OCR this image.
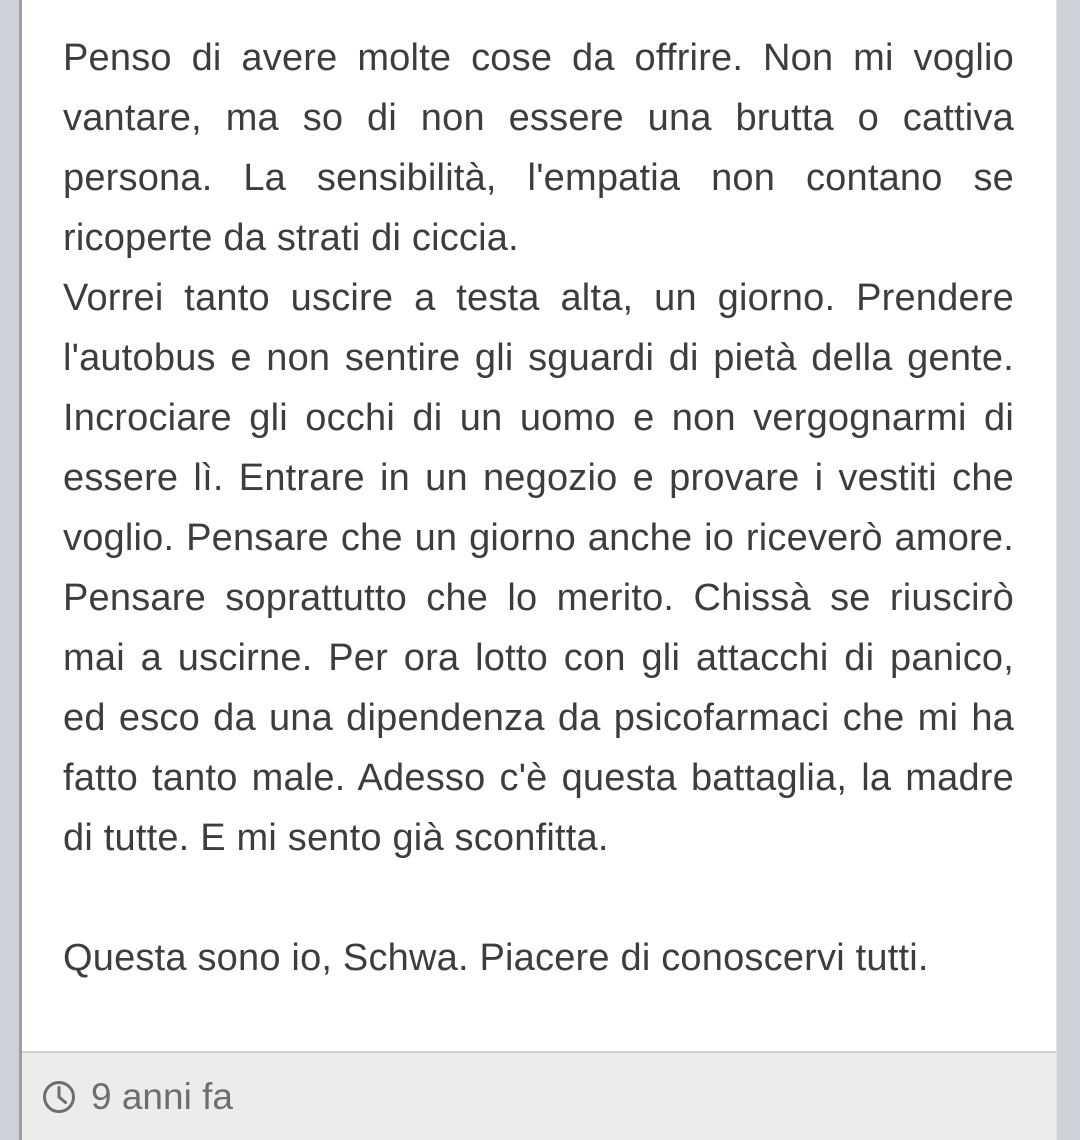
Penso di avere molte cose da offrire. Non mi voglio vantare, ma so di non essere una brutta o cattiva persona. La sensibilità, l'empatia non contano se ricoperte da strati di ciccia.

Vorrei tanto uscire a testa alta, un giorno. Prendere l'autobus e non sentire gli sguardi di pietà della gente. Incrociare gli occhi di un uomo e non vergognarmi di essere lì. Entrare in un negozio e provare i vestiti che voglio. Pensare che un giorno anche io riceverò amore. Pensare soprattutto che lo merito. Chissà se riuscirò mai a uscirne. Per ora lotto con gli attacchi di panico, ed esco da una dipendenza da psicofarmaci che mi ha fatto tanto male. Adesso c'è questa battaglia, la madre di tutte. E mi sento già sconfitta.

Questa sono io, Schwa. Piacere di conoscervi tutti.

9 anni fa
